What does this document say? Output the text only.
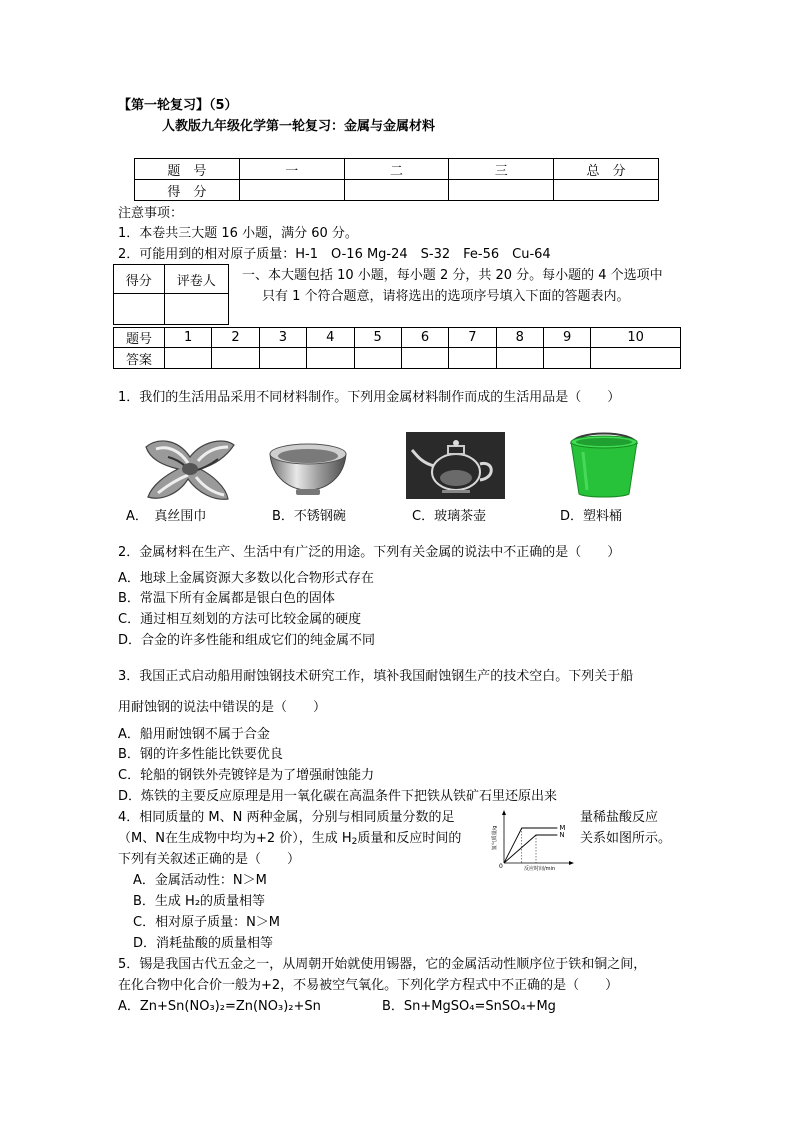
【第一轮复习】（5）
人教版九年级化学第一轮复习：金属与金属材料
题　号	一	二	三	总　分
得　分				
注意事项：
1．本卷共三大题 16 小题，满分 60 分。
2．可能用到的相对原子质量：H-1　O-16 Mg-24　S-32　Fe-56　Cu-64
得分	评卷人
	一、本大题包括 10 小题，每小题 2 分，共 20 分。每小题的 4 个选项中
只有 1 个符合题意，请将选出的选项序号填入下面的答题表内。
题号	1	2	3	4	5	6	7	8	9	10
答案										
1．我们的生活用品采用不同材料制作。下列用金属材料制作而成的生活用品是（　　）
A．　真丝围巾	B．不锈钢碗	C．玻璃茶壶	D．塑料桶
2．金属材料在生产、生活中有广泛的用途。下列有关金属的说法中不正确的是（　　）
A．地球上金属资源大多数以化合物形式存在
B．常温下所有金属都是银白色的固体
C．通过相互刻划的方法可比较金属的硬度
D．合金的许多性能和组成它们的纯金属不同
3．我国正式启动船用耐蚀钢技术研究工作，填补我国耐蚀钢生产的技术空白。下列关于船
用耐蚀钢的说法中错误的是（　　）
A．船用耐蚀钢不属于合金
B．钢的许多性能比铁要优良
C．轮船的钢铁外壳镀锌是为了增强耐蚀能力
D．炼铁的主要反应原理是用一氧化碳在高温条件下把铁从铁矿石里还原出来
4．相同质量的 M、N 两种金属，分别与相同质量分数的足	量稀盐酸反应
（M、N在生成物中均为+2 价），生成 $H_2$质量和反应时间的	关系如图所示。
下列有关叙述正确的是（　　）
A．金属活动性：N＞M
B．生成 H₂的质量相等
C．相对原子质量：N＞M
D．消耗盐酸的质量相等
0	反应时间/min
氢气质量/g	M
N
5．锡是我国古代五金之一，从周朝开始就使用锡器，它的金属活动性顺序位于铁和铜之间，
在化合物中化合价一般为+2，不易被空气氧化。下列化学方程式中不正确的是（　　）
A．Zn+Sn(NO₃)₂=Zn(NO₃)₂+Sn	B．Sn+MgSO₄=SnSO₄+Mg
